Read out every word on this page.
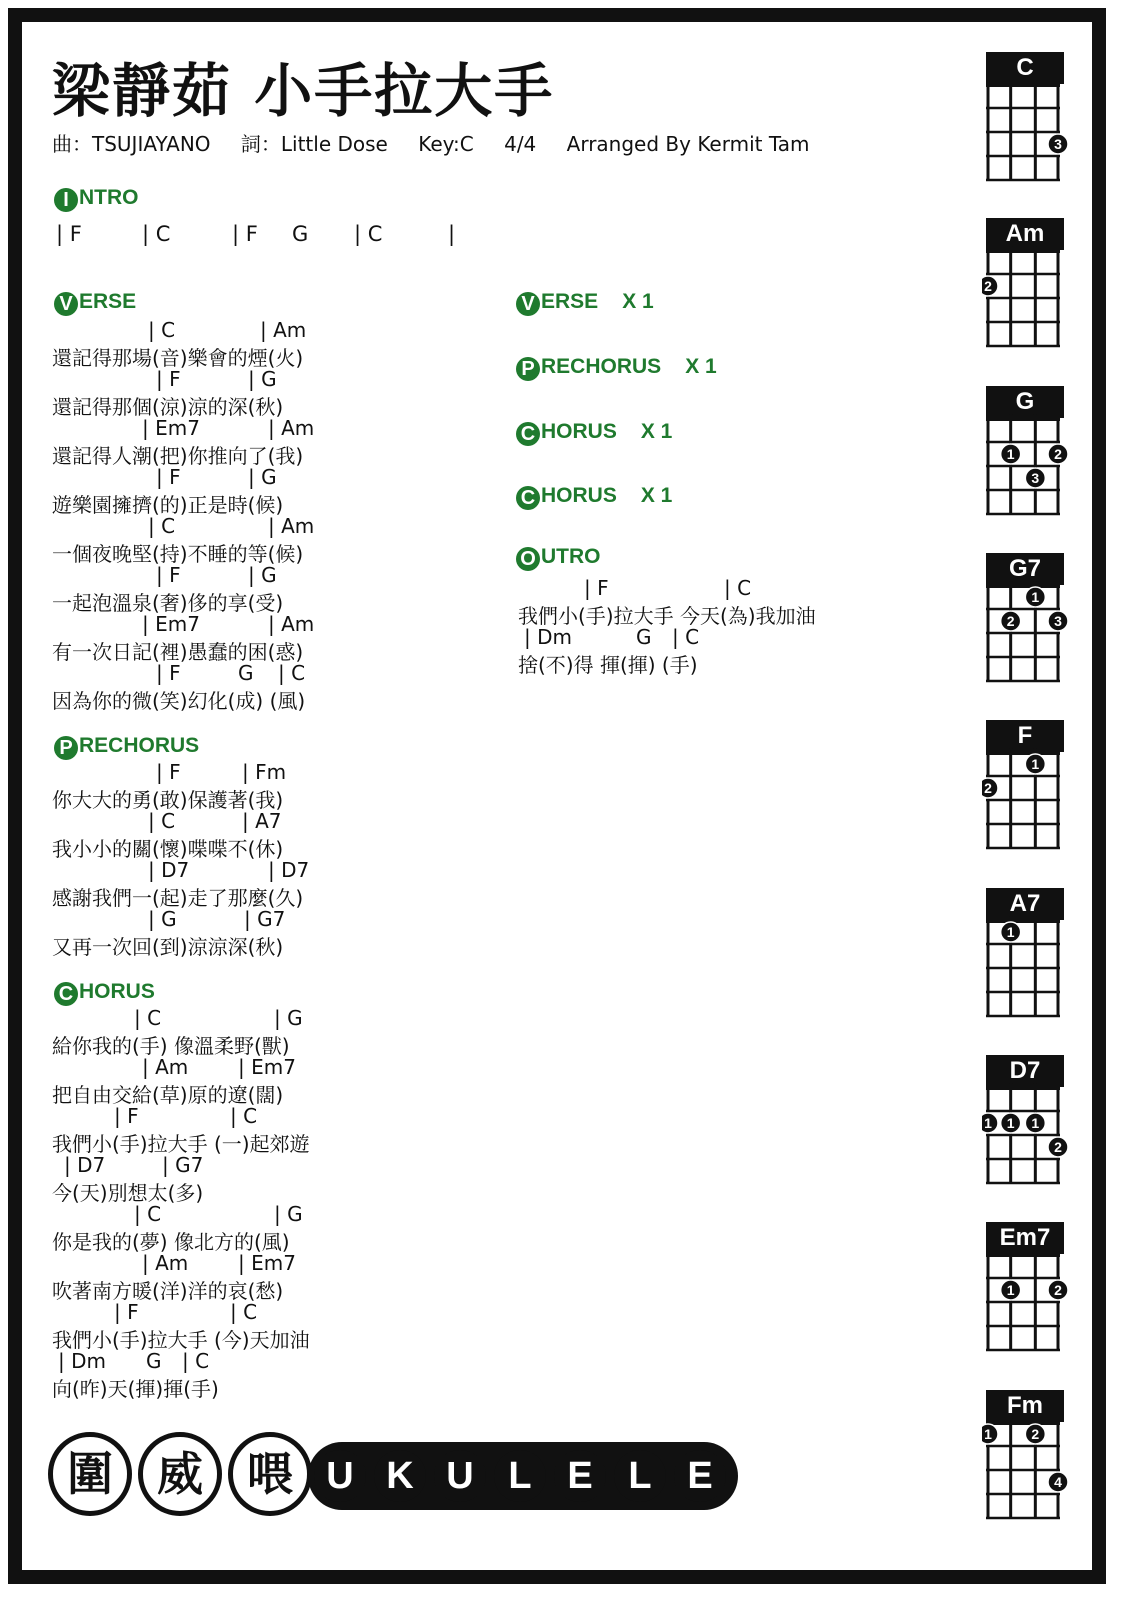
梁靜茹 小手拉大手
曲：TSUJIAYANO 詞：Little Dose Key:C 4/4 Arranged By Kermit Tam
I NTRO
| F	| C	| F G | C	|
V ERSE
| C	| Am
還記得那場(音)樂會的煙(火)
| F	| G
還記得那個(涼)涼的深(秋)
| Em7	| Am
還記得人潮(把)你推向了(我)
| F	| G
遊樂園擁擠(的)正是時(候)
| C	| Am
一個夜晚堅(持)不睡的等(候)
| F	| G
一起泡溫泉(奢)侈的享(受)
| Em7	| Am
有一次日記(裡)愚蠢的困(惑)
| F	G | C
因為你的微(笑)幻化(成) (風)
P RECHORUS
| F	| Fm
你大大的勇(敢)保護著(我)
| C	| A7
我小小的關(懷)喋喋不(休)
| D7	| D7
感謝我們一(起)走了那麼(久)
| G	| G7
又再一次回(到)涼涼深(秋)
C HORUS
| C	| G
給你我的(手) 像溫柔野(獸)
| Am | Em7
把自由交給(草)原的遼(闊)
| F	| C
我們小(手)拉大手 (一)起郊遊
| D7	| G7
今(天)別想太(多)
| C	| G
你是我的(夢) 像北方的(風)
| Am | Em7
吹著南方暖(洋)洋的哀(愁)
| F	| C
我們小(手)拉大手 (今)天加油
| Dm G | C
向(昨)天(揮)揮(手)
V ERSE X 1
P RECHORUS X 1
C HORUS X 1
C HORUS X 1
O UTRO
| F	| C
我們小(手)拉大手 今天(為)我加油
| Dm	G | C
捨(不)得 揮(揮) (手)
C
3
Am
2
G
1	2
3
G7
1
2	3
F
1
2
A7
1
D7
1 1 1
2
Em7
1	2
Fm
1	2
4
圍 威 喂 U K U L E L E
